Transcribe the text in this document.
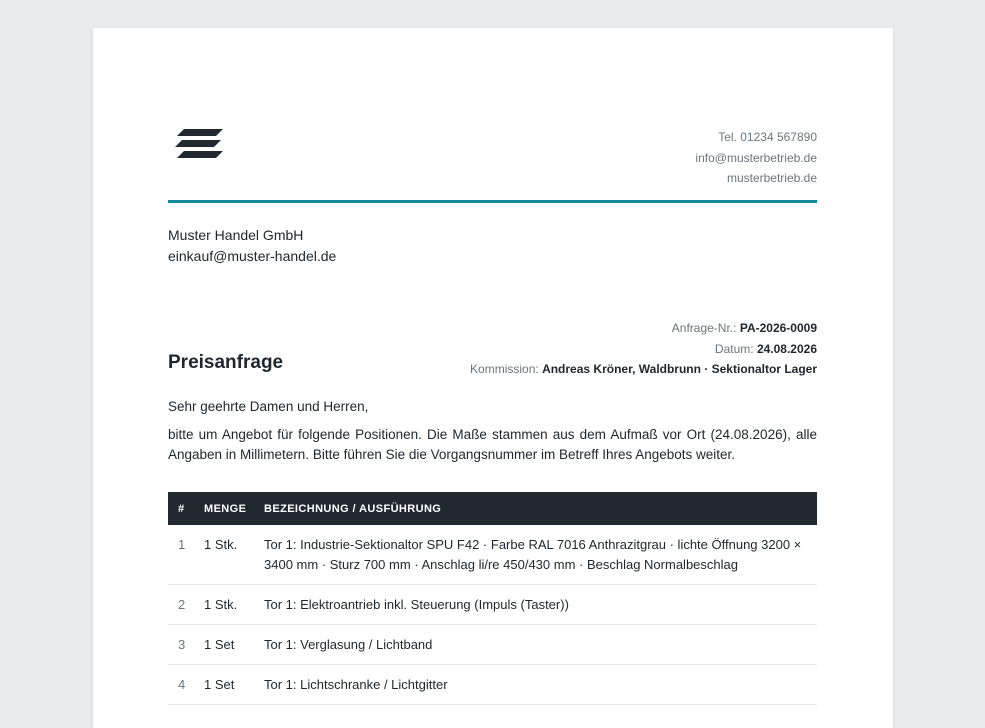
Tel. 01234 567890
info@musterbetrieb.de
musterbetrieb.de
Muster Handel GmbH
einkauf@muster-handel.de
Anfrage-Nr.: PA-2026-0009
Datum: 24.08.2026
Kommission: Andreas Kröner, Waldbrunn · Sektionaltor Lager
Preisanfrage
Sehr geehrte Damen und Herren,
bitte um Angebot für folgende Positionen. Die Maße stammen aus dem Aufmaß vor Ort (24.08.2026), alle Angaben in Millimetern. Bitte führen Sie die Vorgangsnummer im Betreff Ihres Angebots weiter.
#	MENGE	BEZEICHNUNG / AUSFÜHRUNG
1	1 Stk.	Tor 1: Industrie-Sektionaltor SPU F42 · Farbe RAL 7016 Anthrazitgrau · lichte Öffnung 3200 × 3400 mm · Sturz 700 mm · Anschlag li/re 450/430 mm · Beschlag Normalbeschlag
2	1 Stk.	Tor 1: Elektroantrieb inkl. Steuerung (Impuls (Taster))
3	1 Set	Tor 1: Verglasung / Lichtband
4	1 Set	Tor 1: Lichtschranke / Lichtgitter
